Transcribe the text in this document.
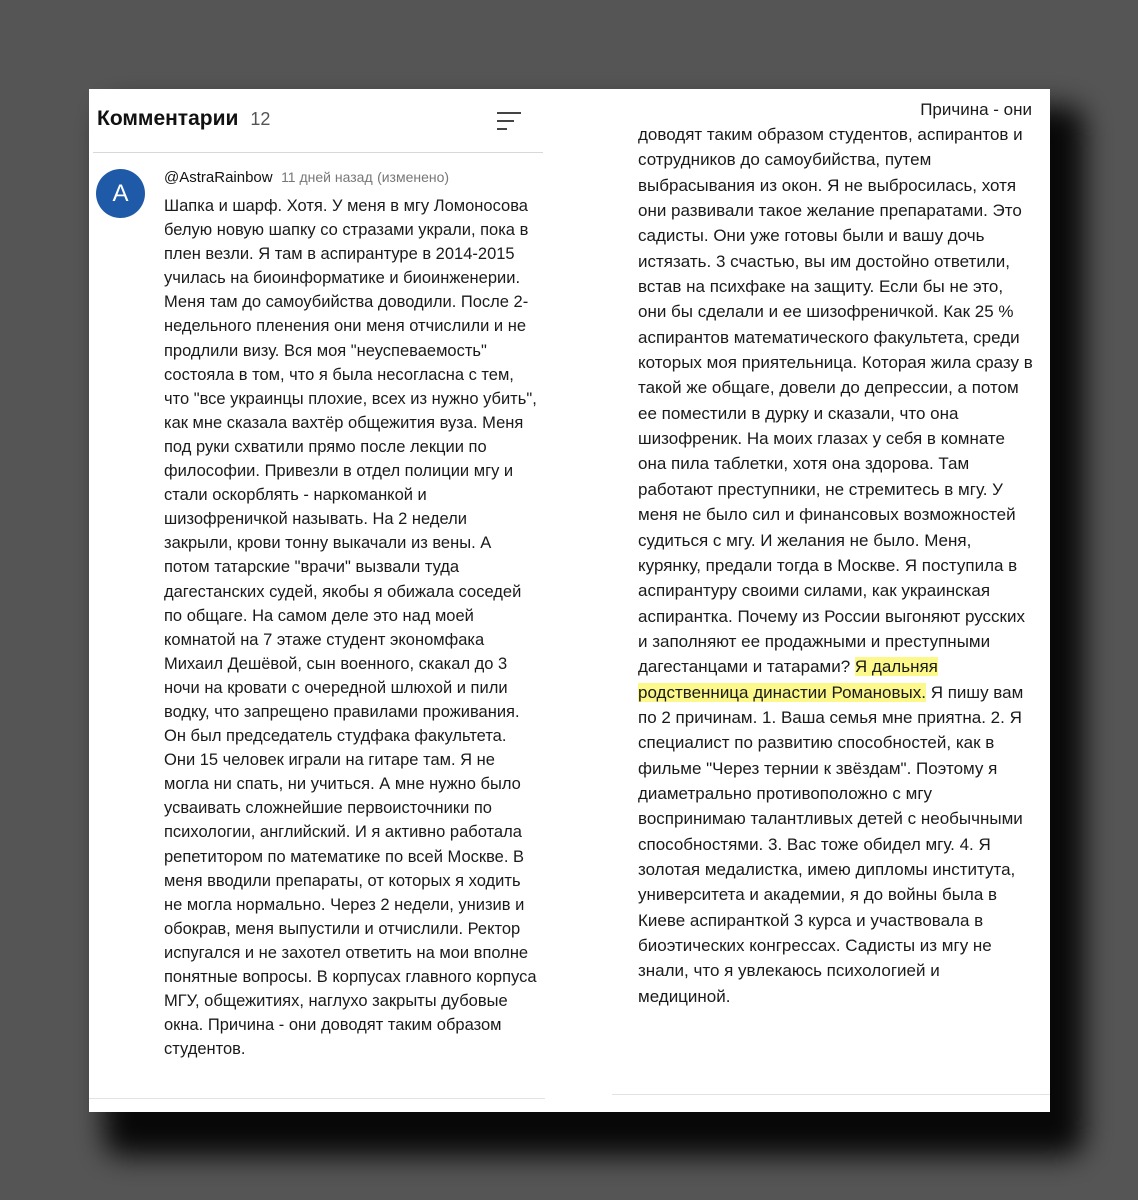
Комментарии 12
A
@AstraRainbow 11 дней назад (изменено)
Шапка и шарф. Хотя. У меня в мгу Ломоносова белую новую шапку со стразами украли, пока в плен везли. Я там в аспирантуре в 2014-2015 училась на биоинформатике и биоинженерии. Меня там до самоубийства доводили. После 2-недельного пленения они меня отчислили и не продлили визу. Вся моя "неуспеваемость" состояла в том, что я была несогласна с тем, что "все украинцы плохие, всех из нужно убить", как мне сказала вахтёр общежития вуза. Меня под руки схватили прямо после лекции по философии. Привезли в отдел полиции мгу и стали оскорблять - наркоманкой и шизофреничкой называть. На 2 недели закрыли, крови тонну выкачали из вены. А потом татарские "врачи" вызвали туда дагестанских судей, якобы я обижала соседей по общаге. На самом деле это над моей комнатой на 7 этаже студент экономфака Михаил Дешёвой, сын военного, скакал до 3 ночи на кровати с очередной шлюхой и пили водку, что запрещено правилами проживания. Он был председатель студфака факультета. Они 15 человек играли на гитаре там. Я не могла ни спать, ни учиться. А мне нужно было усваивать сложнейшие первоисточники по психологии, английский. И я активно работала репетитором по математике по всей Москве. В меня вводили препараты, от которых я ходить не могла нормально. Через 2 недели, унизив и обокрав, меня выпустили и отчислили. Ректор испугался и не захотел ответить на мои вполне понятные вопросы. В корпусах главного корпуса МГУ, общежитиях, наглухо закрыты дубовые окна. Причина - они доводят таким образом студентов.
Причина - они
доводят таким образом студентов, аспирантов и сотрудников до самоубийства, путем выбрасывания из окон. Я не выбросилась, хотя они развивали такое желание препаратами. Это садисты. Они уже готовы были и вашу дочь истязать. 3 счастью, вы им достойно ответили, встав на психфаке на защиту. Если бы не это, они бы сделали и ее шизофреничкой. Как 25 % аспирантов математического факультета, среди которых моя приятельница. Которая жила сразу в такой же общаге, довели до депрессии, а потом ее поместили в дурку и сказали, что она шизофреник. На моих глазах у себя в комнате она пила таблетки, хотя она здорова. Там работают преступники, не стремитесь в мгу. У меня не было сил и финансовых возможностей судиться с мгу. И желания не было. Меня, курянку, предали тогда в Москве. Я поступила в аспирантуру своими силами, как украинская аспирантка. Почему из России выгоняют русских и заполняют ее продажными и преступными дагестанцами и татарами? Я дальняя родственница династии Романовых. Я пишу вам по 2 причинам. 1. Ваша семья мне приятна. 2. Я специалист по развитию способностей, как в фильме "Через тернии к звёздам". Поэтому я диаметрально противоположно с мгу воспринимаю талантливых детей с необычными способностями. 3. Вас тоже обидел мгу. 4. Я золотая медалистка, имею дипломы института, университета и академии, я до войны была в Киеве аспиранткой 3 курса и участвовала в биоэтических конгрессах. Садисты из мгу не знали, что я увлекаюсь психологией и медициной.
